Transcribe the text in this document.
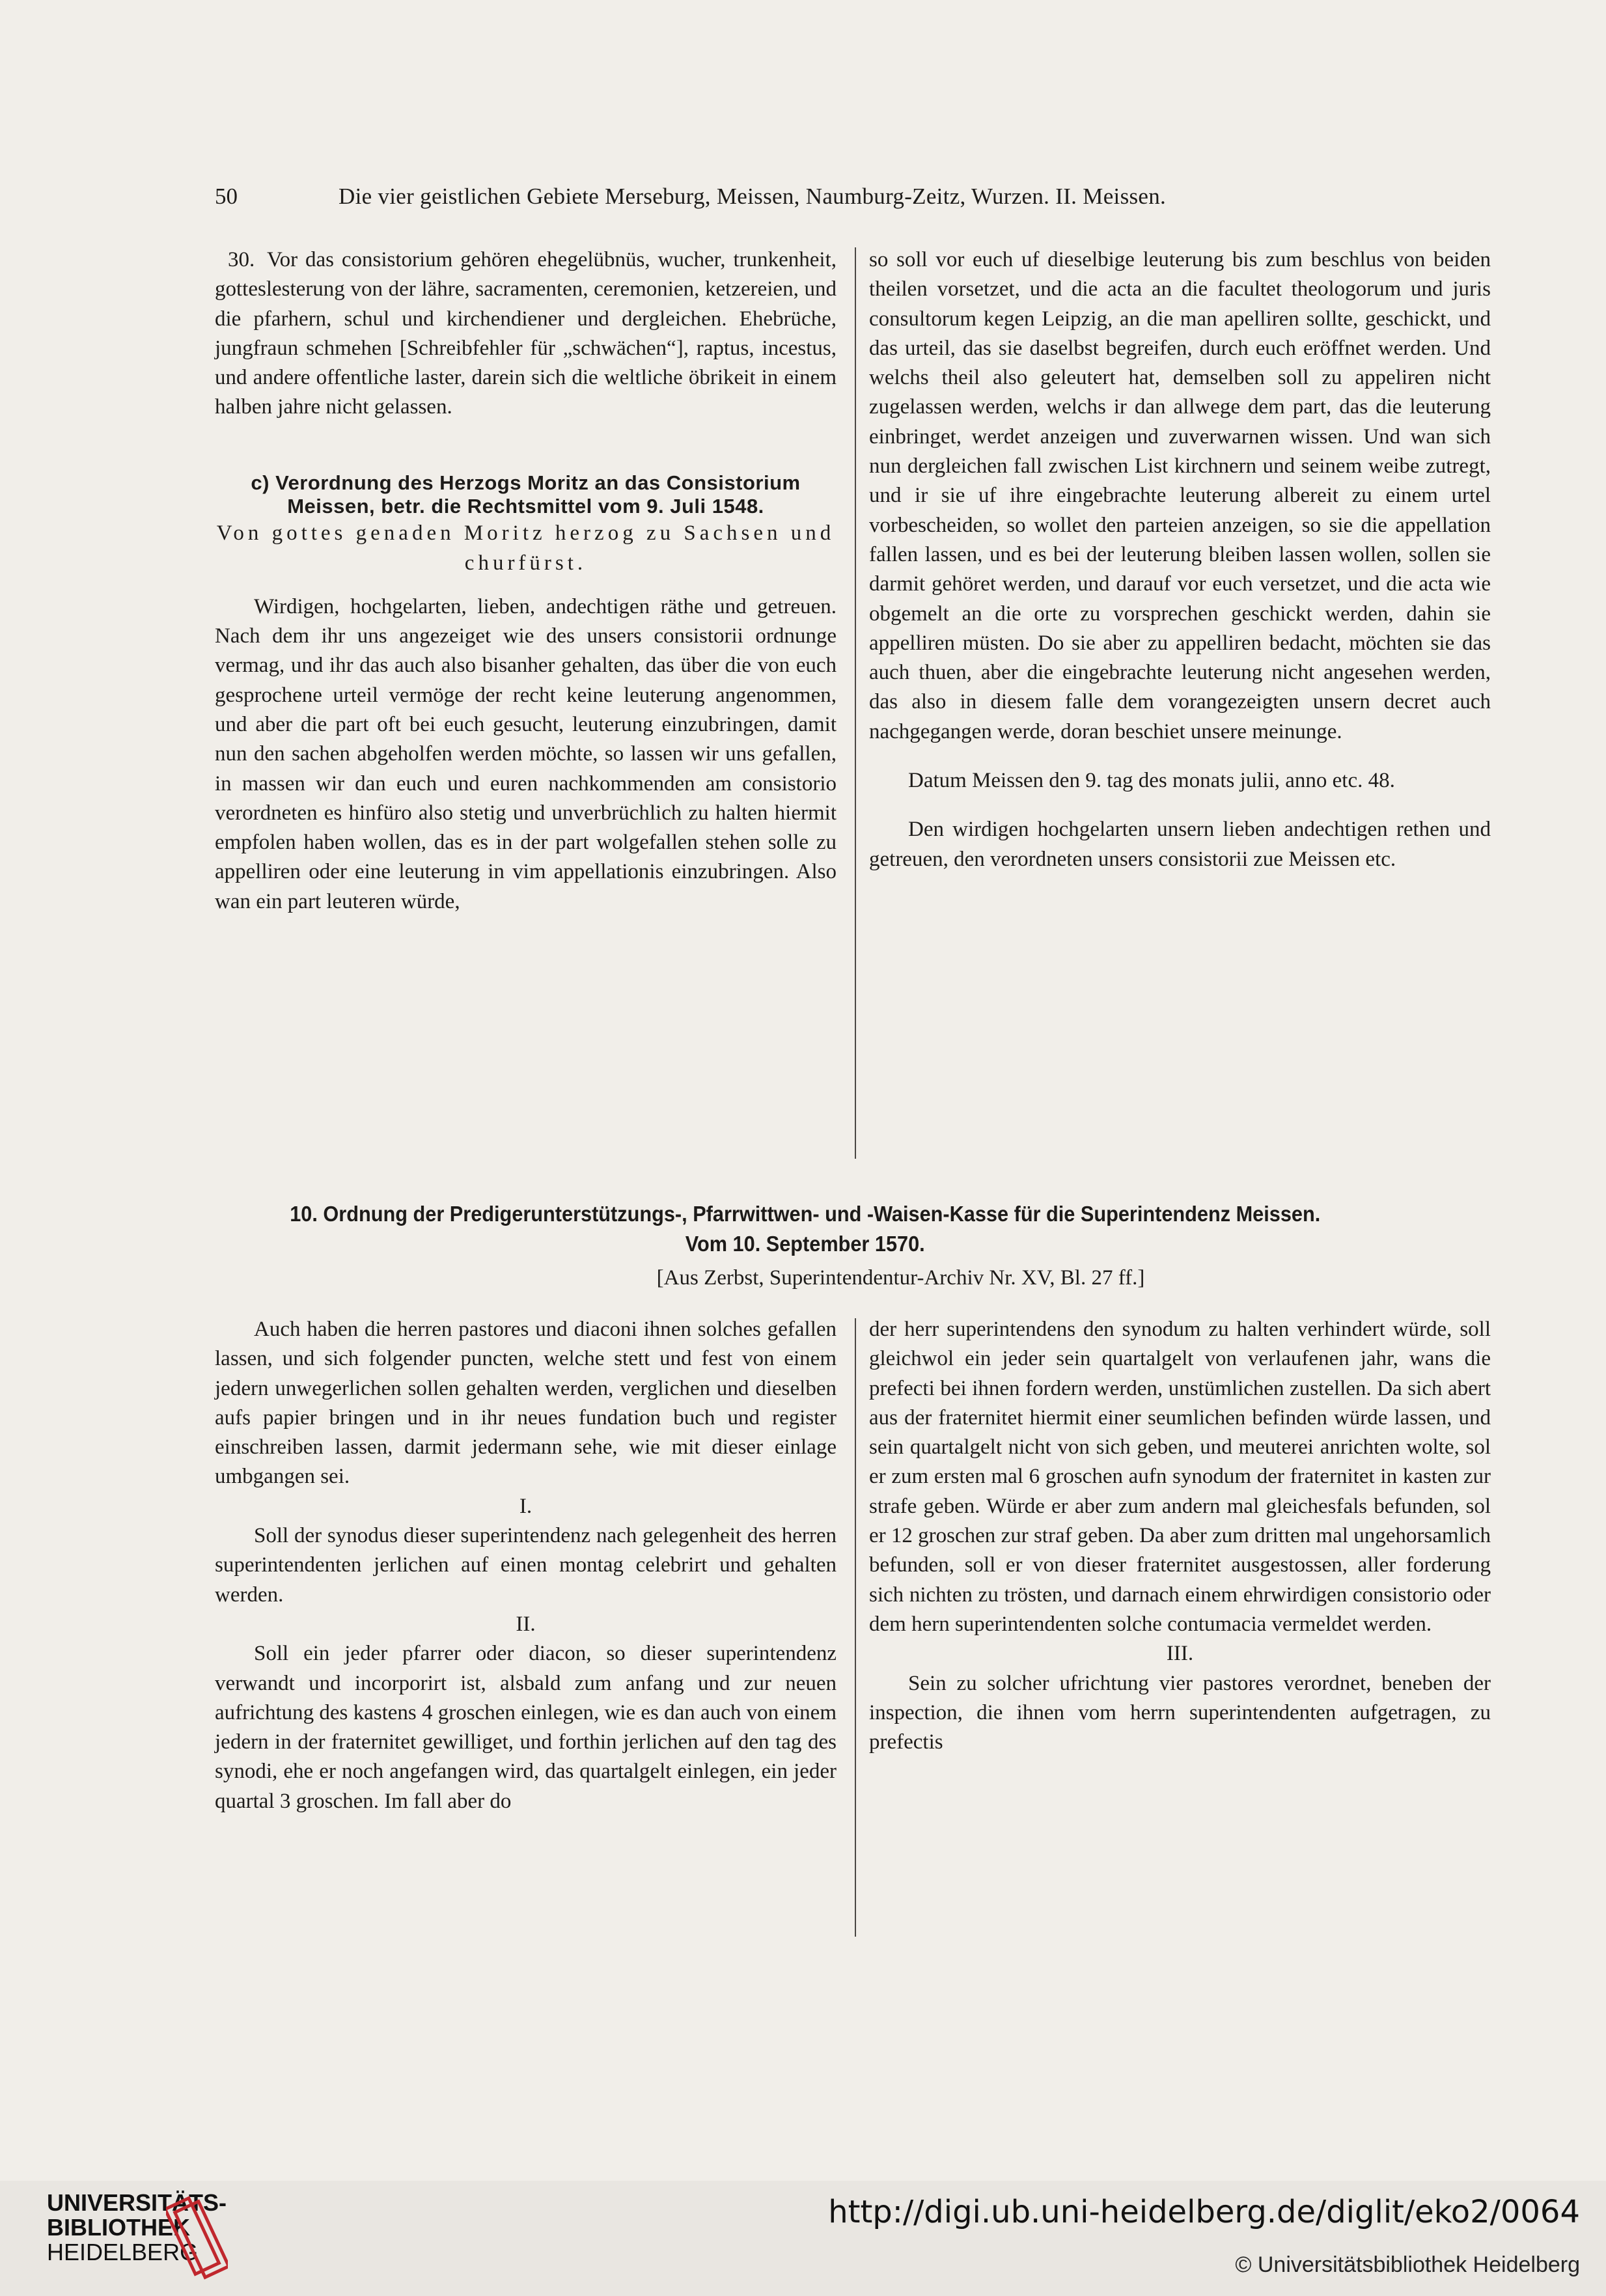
50	Die vier geistlichen Gebiete Merseburg, Meissen, Naumburg-Zeitz, Wurzen. II. Meissen.
30. Vor das consistorium gehören ehegelübnüs, wucher, trunkenheit, gotteslesterung von der lähre, sacramenten, ceremonien, ketzereien, und die pfarhern, schul und kirchendiener und dergleichen. Ehebrüche, jungfraun schmehen [Schreibfehler für „schwächen“], raptus, incestus, und andere offentliche laster, darein sich die weltliche öbrikeit in einem halben jahre nicht gelassen.

c) Verordnung des Herzogs Moritz an das Consistorium Meissen, betr. die Rechtsmittel vom 9. Juli 1548.

Von gottes genaden Moritz herzog zu Sachsen und churfürst.

Wirdigen, hochgelarten, lieben, andechtigen räthe und getreuen. Nach dem ihr uns angezeiget wie des unsers consistorii ordnunge vermag, und ihr das auch also bisanher gehalten, das über die von euch gesprochene urteil vermöge der recht keine leuterung angenommen, und aber die part oft bei euch gesucht, leuterung einzubringen, damit nun den sachen abgeholfen werden möchte, so lassen wir uns gefallen, in massen wir dan euch und euren nachkommenden am consistorio verordneten es hinfüro also stetig und unverbrüchlich zu halten hiermit empfolen haben wollen, das es in der part wolgefallen stehen solle zu appelliren oder eine leuterung in vim appellationis einzubringen. Also wan ein part leuteren würde,

so soll vor euch uf dieselbige leuterung bis zum beschlus von beiden theilen vorsetzet, und die acta an die facultet theologorum und juris consultorum kegen Leipzig, an die man apelliren sollte, geschickt, und das urteil, das sie daselbst begreifen, durch euch eröffnet werden. Und welchs theil also geleutert hat, demselben soll zu appeliren nicht zugelassen werden, welchs ir dan allwege dem part, das die leuterung einbringet, werdet anzeigen und zuverwarnen wissen. Und wan sich nun dergleichen fall zwischen List kirchnern und seinem weibe zutregt, und ir sie uf ihre eingebrachte leuterung albereit zu einem urtel vorbescheiden, so wollet den parteien anzeigen, so sie die appellation fallen lassen, und es bei der leuterung bleiben lassen wollen, sollen sie darmit gehöret werden, und darauf vor euch versetzet, und die acta wie obgemelt an die orte zu vorsprechen geschickt werden, dahin sie appelliren müsten. Do sie aber zu appelliren bedacht, möchten sie das auch thuen, aber die eingebrachte leuterung nicht angesehen werden, das also in diesem falle dem vorangezeigten unsern decret auch nachgegangen werde, doran beschiet unsere meinunge.

Datum Meissen den 9. tag des monats julii, anno etc. 48.

Den wirdigen hochgelarten unsern lieben andechtigen rethen und getreuen, den verordneten unsers consistorii zue Meissen etc.

10. Ordnung der Predigerunterstützungs-, Pfarrwittwen- und -Waisen-Kasse für die Superintendenz Meissen.
Vom 10. September 1570.
[Aus Zerbst, Superintendentur-Archiv Nr. XV, Bl. 27 ff.]

Auch haben die herren pastores und diaconi ihnen solches gefallen lassen, und sich folgender puncten, welche stett und fest von einem jedern unwegerlichen sollen gehalten werden, verglichen und dieselben aufs papier bringen und in ihr neues fundation buch und register einschreiben lassen, darmit jedermann sehe, wie mit dieser einlage umbgangen sei.

I.

Soll der synodus dieser superintendenz nach gelegenheit des herren superintendenten jerlichen auf einen montag celebrirt und gehalten werden.

II.

Soll ein jeder pfarrer oder diacon, so dieser superintendenz verwandt und incorporirt ist, alsbald zum anfang und zur neuen aufrichtung des kastens 4 groschen einlegen, wie es dan auch von einem jedern in der fraternitet gewilliget, und forthin jerlichen auf den tag des synodi, ehe er noch angefangen wird, das quartalgelt einlegen, ein jeder quartal 3 groschen. Im fall aber do

der herr superintendens den synodum zu halten verhindert würde, soll gleichwol ein jeder sein quartalgelt von verlaufenen jahr, wans die prefecti bei ihnen fordern werden, unstümlichen zustellen. Da sich abert aus der fraternitet hiermit einer seumlichen befinden würde lassen, und sein quartalgelt nicht von sich geben, und meuterei anrichten wolte, sol er zum ersten mal 6 groschen aufn synodum der fraternitet in kasten zur strafe geben. Würde er aber zum andern mal gleichesfals befunden, sol er 12 groschen zur straf geben. Da aber zum dritten mal ungehorsamlich befunden, soll er von dieser fraternitet ausgestossen, aller forderung sich nichten zu trösten, und darnach einem ehrwirdigen consistorio oder dem hern superintendenten solche contumacia vermeldet werden.

III.

Sein zu solcher ufrichtung vier pastores verordnet, beneben der inspection, die ihnen vom herrn superintendenten aufgetragen, zu prefectis

UNIVERSITÄTS-
BIBLIOTHEK
HEIDELBERG
http://digi.ub.uni-heidelberg.de/diglit/eko2/0064
© Universitätsbibliothek Heidelberg
